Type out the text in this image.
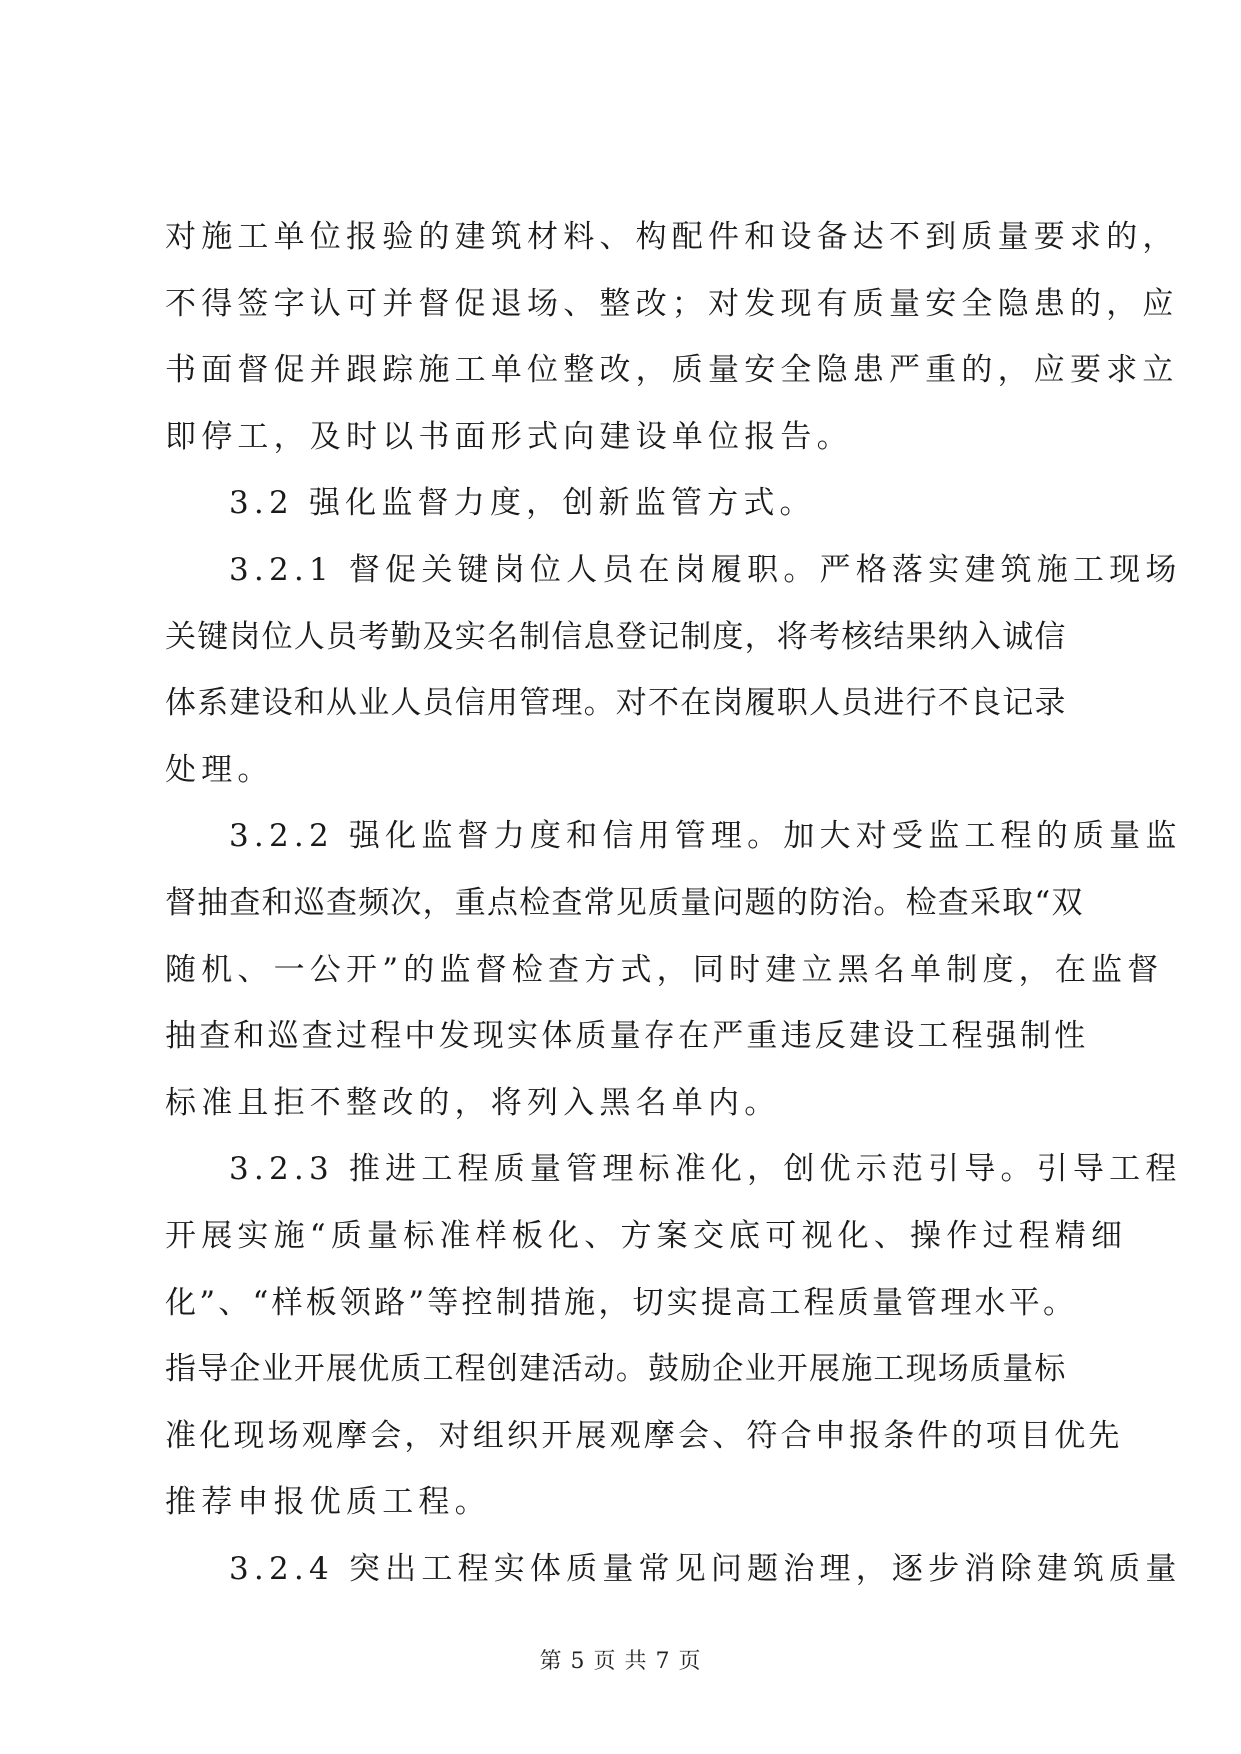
对施工单位报验的建筑材料、构配件和设备达不到质量要求的，
不得签字认可并督促退场、整改；对发现有质量安全隐患的，应
书面督促并跟踪施工单位整改，质量安全隐患严重的，应要求立
即停工，及时以书面形式向建设单位报告。
3.2 强化监督力度，创新监管方式。
3.2.1 督促关键岗位人员在岗履职。严格落实建筑施工现场
关键岗位人员考勤及实名制信息登记制度，将考核结果纳入诚信
体系建设和从业人员信用管理。对不在岗履职人员进行不良记录
处理。
3.2.2 强化监督力度和信用管理。加大对受监工程的质量监
督抽查和巡查频次，重点检查常见质量问题的防治。检查采取“双
随机、一公开”的监督检查方式，同时建立黑名单制度，在监督
抽查和巡查过程中发现实体质量存在严重违反建设工程强制性
标准且拒不整改的，将列入黑名单内。
3.2.3 推进工程质量管理标准化，创优示范引导。引导工程
开展实施“质量标准样板化、方案交底可视化、操作过程精细
化”、“样板领路”等控制措施，切实提高工程质量管理水平。
指导企业开展优质工程创建活动。鼓励企业开展施工现场质量标
准化现场观摩会，对组织开展观摩会、符合申报条件的项目优先
推荐申报优质工程。
3.2.4 突出工程实体质量常见问题治理，逐步消除建筑质量
第 5 页 共 7 页
